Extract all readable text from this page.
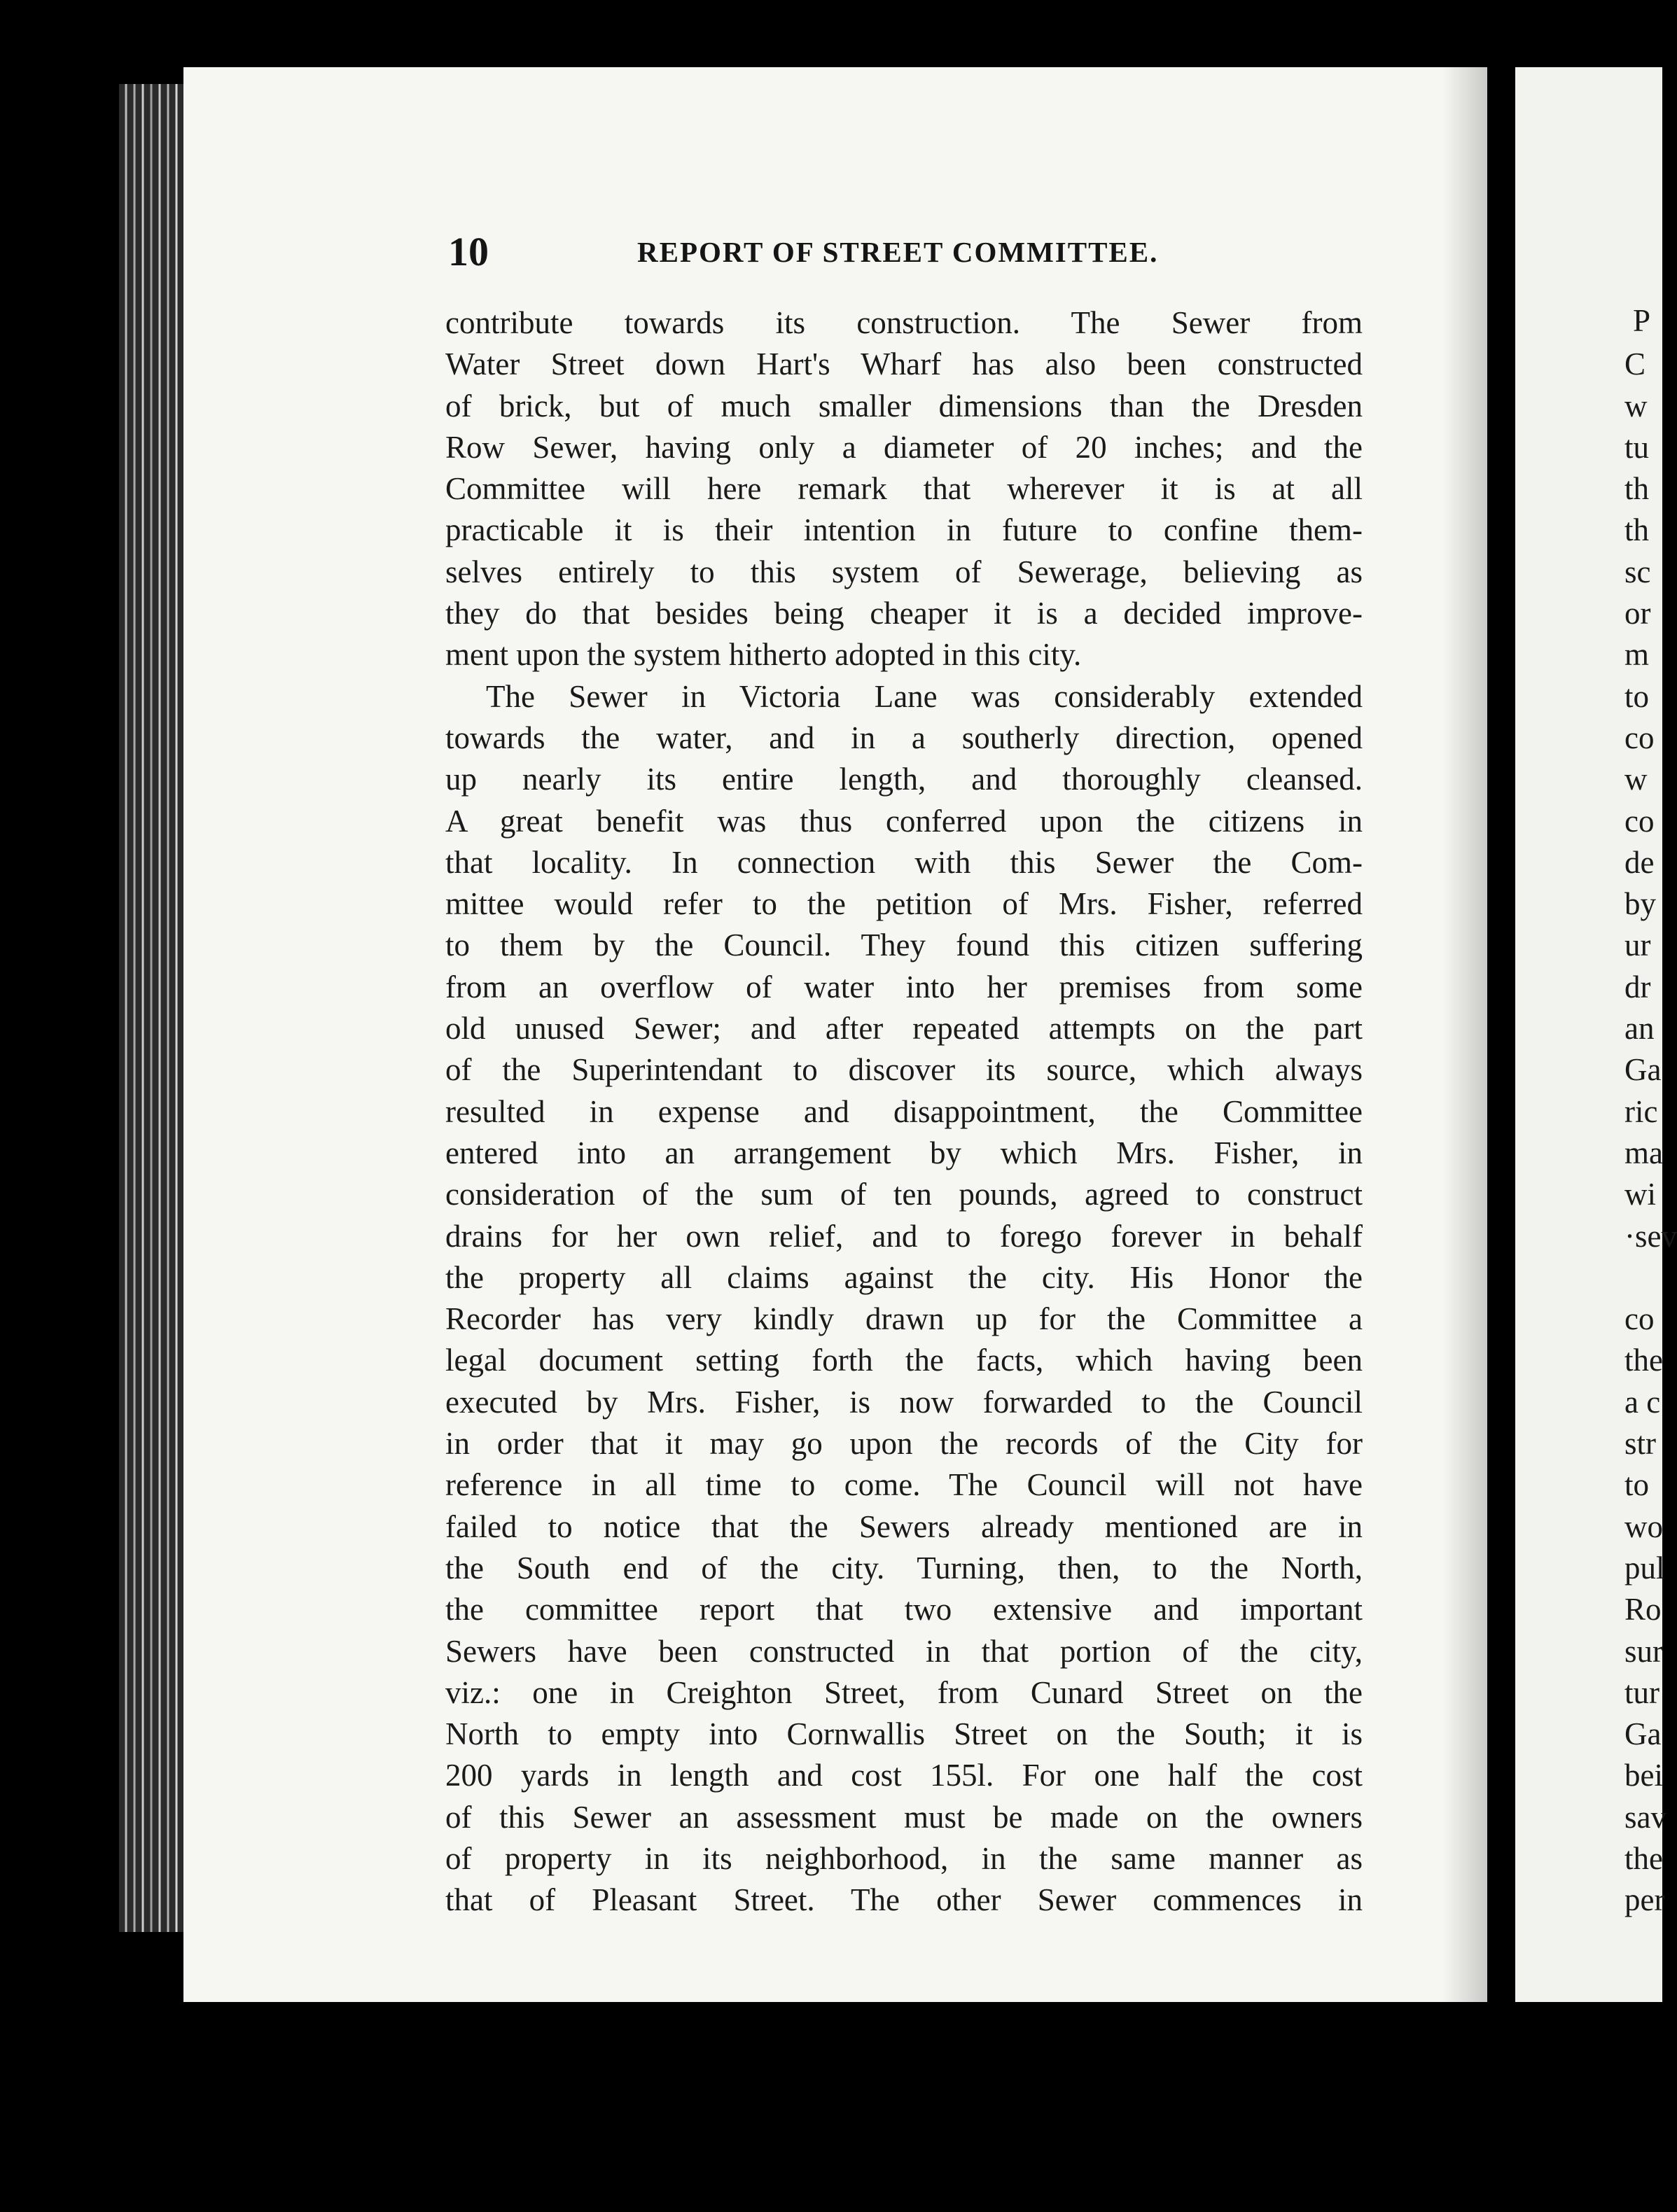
10	REPORT OF STREET COMMITTEE.
contribute towards its construction. The Sewer from
Water Street down Hart's Wharf has also been constructed
of brick, but of much smaller dimensions than the Dresden
Row Sewer, having only a diameter of 20 inches; and the
Committee will here remark that wherever it is at all
practicable it is their intention in future to confine them-
selves entirely to this system of Sewerage, believing as
they do that besides being cheaper it is a decided improve-
ment upon the system hitherto adopted in this city.
The Sewer in Victoria Lane was considerably extended
towards the water, and in a southerly direction, opened
up nearly its entire length, and thoroughly cleansed.
A great benefit was thus conferred upon the citizens in
that locality. In connection with this Sewer the Com-
mittee would refer to the petition of Mrs. Fisher, referred
to them by the Council. They found this citizen suffering
from an overflow of water into her premises from some
old unused Sewer; and after repeated attempts on the part
of the Superintendant to discover its source, which always
resulted in expense and disappointment, the Committee
entered into an arrangement by which Mrs. Fisher, in
consideration of the sum of ten pounds, agreed to construct
drains for her own relief, and to forego forever in behalf
the property all claims against the city. His Honor the
Recorder has very kindly drawn up for the Committee a
legal document setting forth the facts, which having been
executed by Mrs. Fisher, is now forwarded to the Council
in order that it may go upon the records of the City for
reference in all time to come. The Council will not have
failed to notice that the Sewers already mentioned are in
the South end of the city. Turning, then, to the North,
the committee report that two extensive and important
Sewers have been constructed in that portion of the city,
viz.: one in Creighton Street, from Cunard Street on the
North to empty into Cornwallis Street on the South; it is
200 yards in length and cost 155l. For one half the cost
of this Sewer an assessment must be made on the owners
of property in its neighborhood, in the same manner as
that of Pleasant Street. The other Sewer commences in
P
C
w
tu
th
th
sc
or
m
to
co
w
co
de
by
ur
dr
an
Ga
ric
ma
wi
·sev
co
the
a c
str
to
wo
pul
Ro
sur
tur
Ga
bei
sav
the
per
